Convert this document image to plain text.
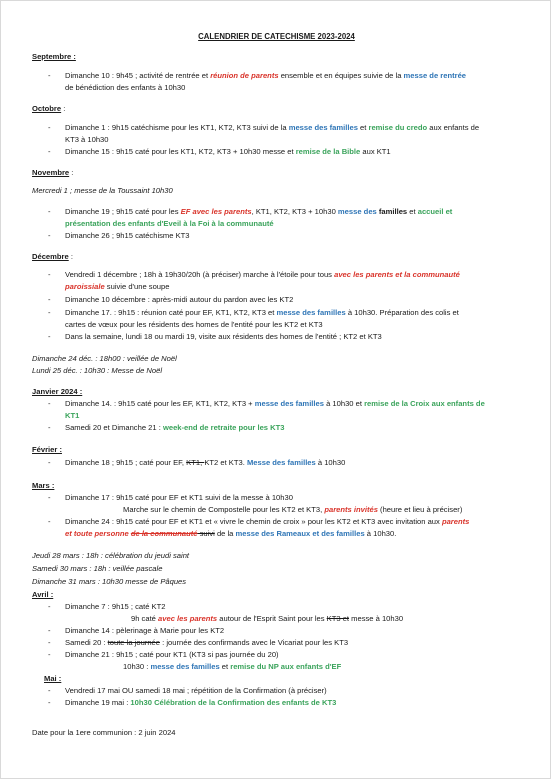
CALENDRIER DE CATECHISME 2023-2024
Septembre :
- Dimanche 10 : 9h45 ; activité de rentrée et réunion de parents ensemble et en équipes suivie de la messe de rentrée
de bénédiction des enfants à 10h30
Octobre :
- Dimanche 1 : 9h15 catéchisme pour les KT1, KT2, KT3 suivi de la messe des familles et remise du credo aux enfants de
KT3 à 10h30
- Dimanche 15 : 9h15 caté pour les KT1, KT2, KT3 + 10h30 messe et remise de la Bible aux KT1
Novembre :
Mercredi 1 ; messe de la Toussaint 10h30
- Dimanche 19 ; 9h15 caté pour les EF avec les parents, KT1, KT2, KT3 + 10h30 messe des familles et accueil et
présentation des enfants d'Eveil à la Foi à la communauté
- Dimanche 26 ; 9h15 catéchisme KT3
Décembre :
- Vendredi 1 décembre ; 18h à 19h30/20h (à préciser) marche à l'étoile pour tous avec les parents et la communauté
paroissiale suivie d'une soupe
- Dimanche 10 décembre : après-midi autour du pardon avec les KT2
- Dimanche 17. : 9h15 : réunion caté pour EF, KT1, KT2, KT3 et messe des familles à 10h30. Préparation des colis et
cartes de vœux pour les résidents des homes de l'entité pour les KT2 et KT3
- Dans la semaine, lundi 18 ou mardi 19, visite aux résidents des homes de l'entité ; KT2 et KT3
Dimanche 24 déc. : 18h00 : veillée de Noël
Lundi 25 déc. : 10h30 : Messe de Noël
Janvier 2024 :
- Dimanche 14. : 9h15 caté pour les EF, KT1, KT2, KT3 + messe des familles à 10h30 et remise de la Croix aux enfants de
KT1
- Samedi 20 et Dimanche 21 : week-end de retraite pour les KT3
Février :
- Dimanche 18 ; 9h15 ; caté pour EF, KT1, KT2 et KT3. Messe des familles à 10h30
Mars :
- Dimanche 17 : 9h15 caté pour EF et KT1 suivi de la messe à 10h30
Marche sur le chemin de Compostelle pour les KT2 et KT3, parents invités (heure et lieu à préciser)
- Dimanche 24 : 9h15 caté pour EF et KT1 et « vivre le chemin de croix » pour les KT2 et KT3 avec invitation aux parents
et toute personne de la communauté suivi de la messe des Rameaux et des familles à 10h30.
Jeudi 28 mars : 18h : célébration du jeudi saint
Samedi 30 mars : 18h : veillée pascale
Dimanche 31 mars : 10h30 messe de Pâques
Avril :
- Dimanche 7 : 9h15 ; caté KT2
9h caté avec les parents autour de l'Esprit Saint pour les KT3 et messe à 10h30
- Dimanche 14 : pèlerinage à Marie pour les KT2
- Samedi 20 : toute la journée : journée des confirmands avec le Vicariat pour les KT3
- Dimanche 21 : 9h15 ; caté pour KT1 (KT3 si pas journée du 20)
10h30 : messe des familles et remise du NP aux enfants d'EF
Mai :
- Vendredi 17 mai OU samedi 18 mai ; répétition de la Confirmation (à préciser)
- Dimanche 19 mai : 10h30 Célébration de la Confirmation des enfants de KT3
Date pour la 1ere communion : 2 juin 2024
